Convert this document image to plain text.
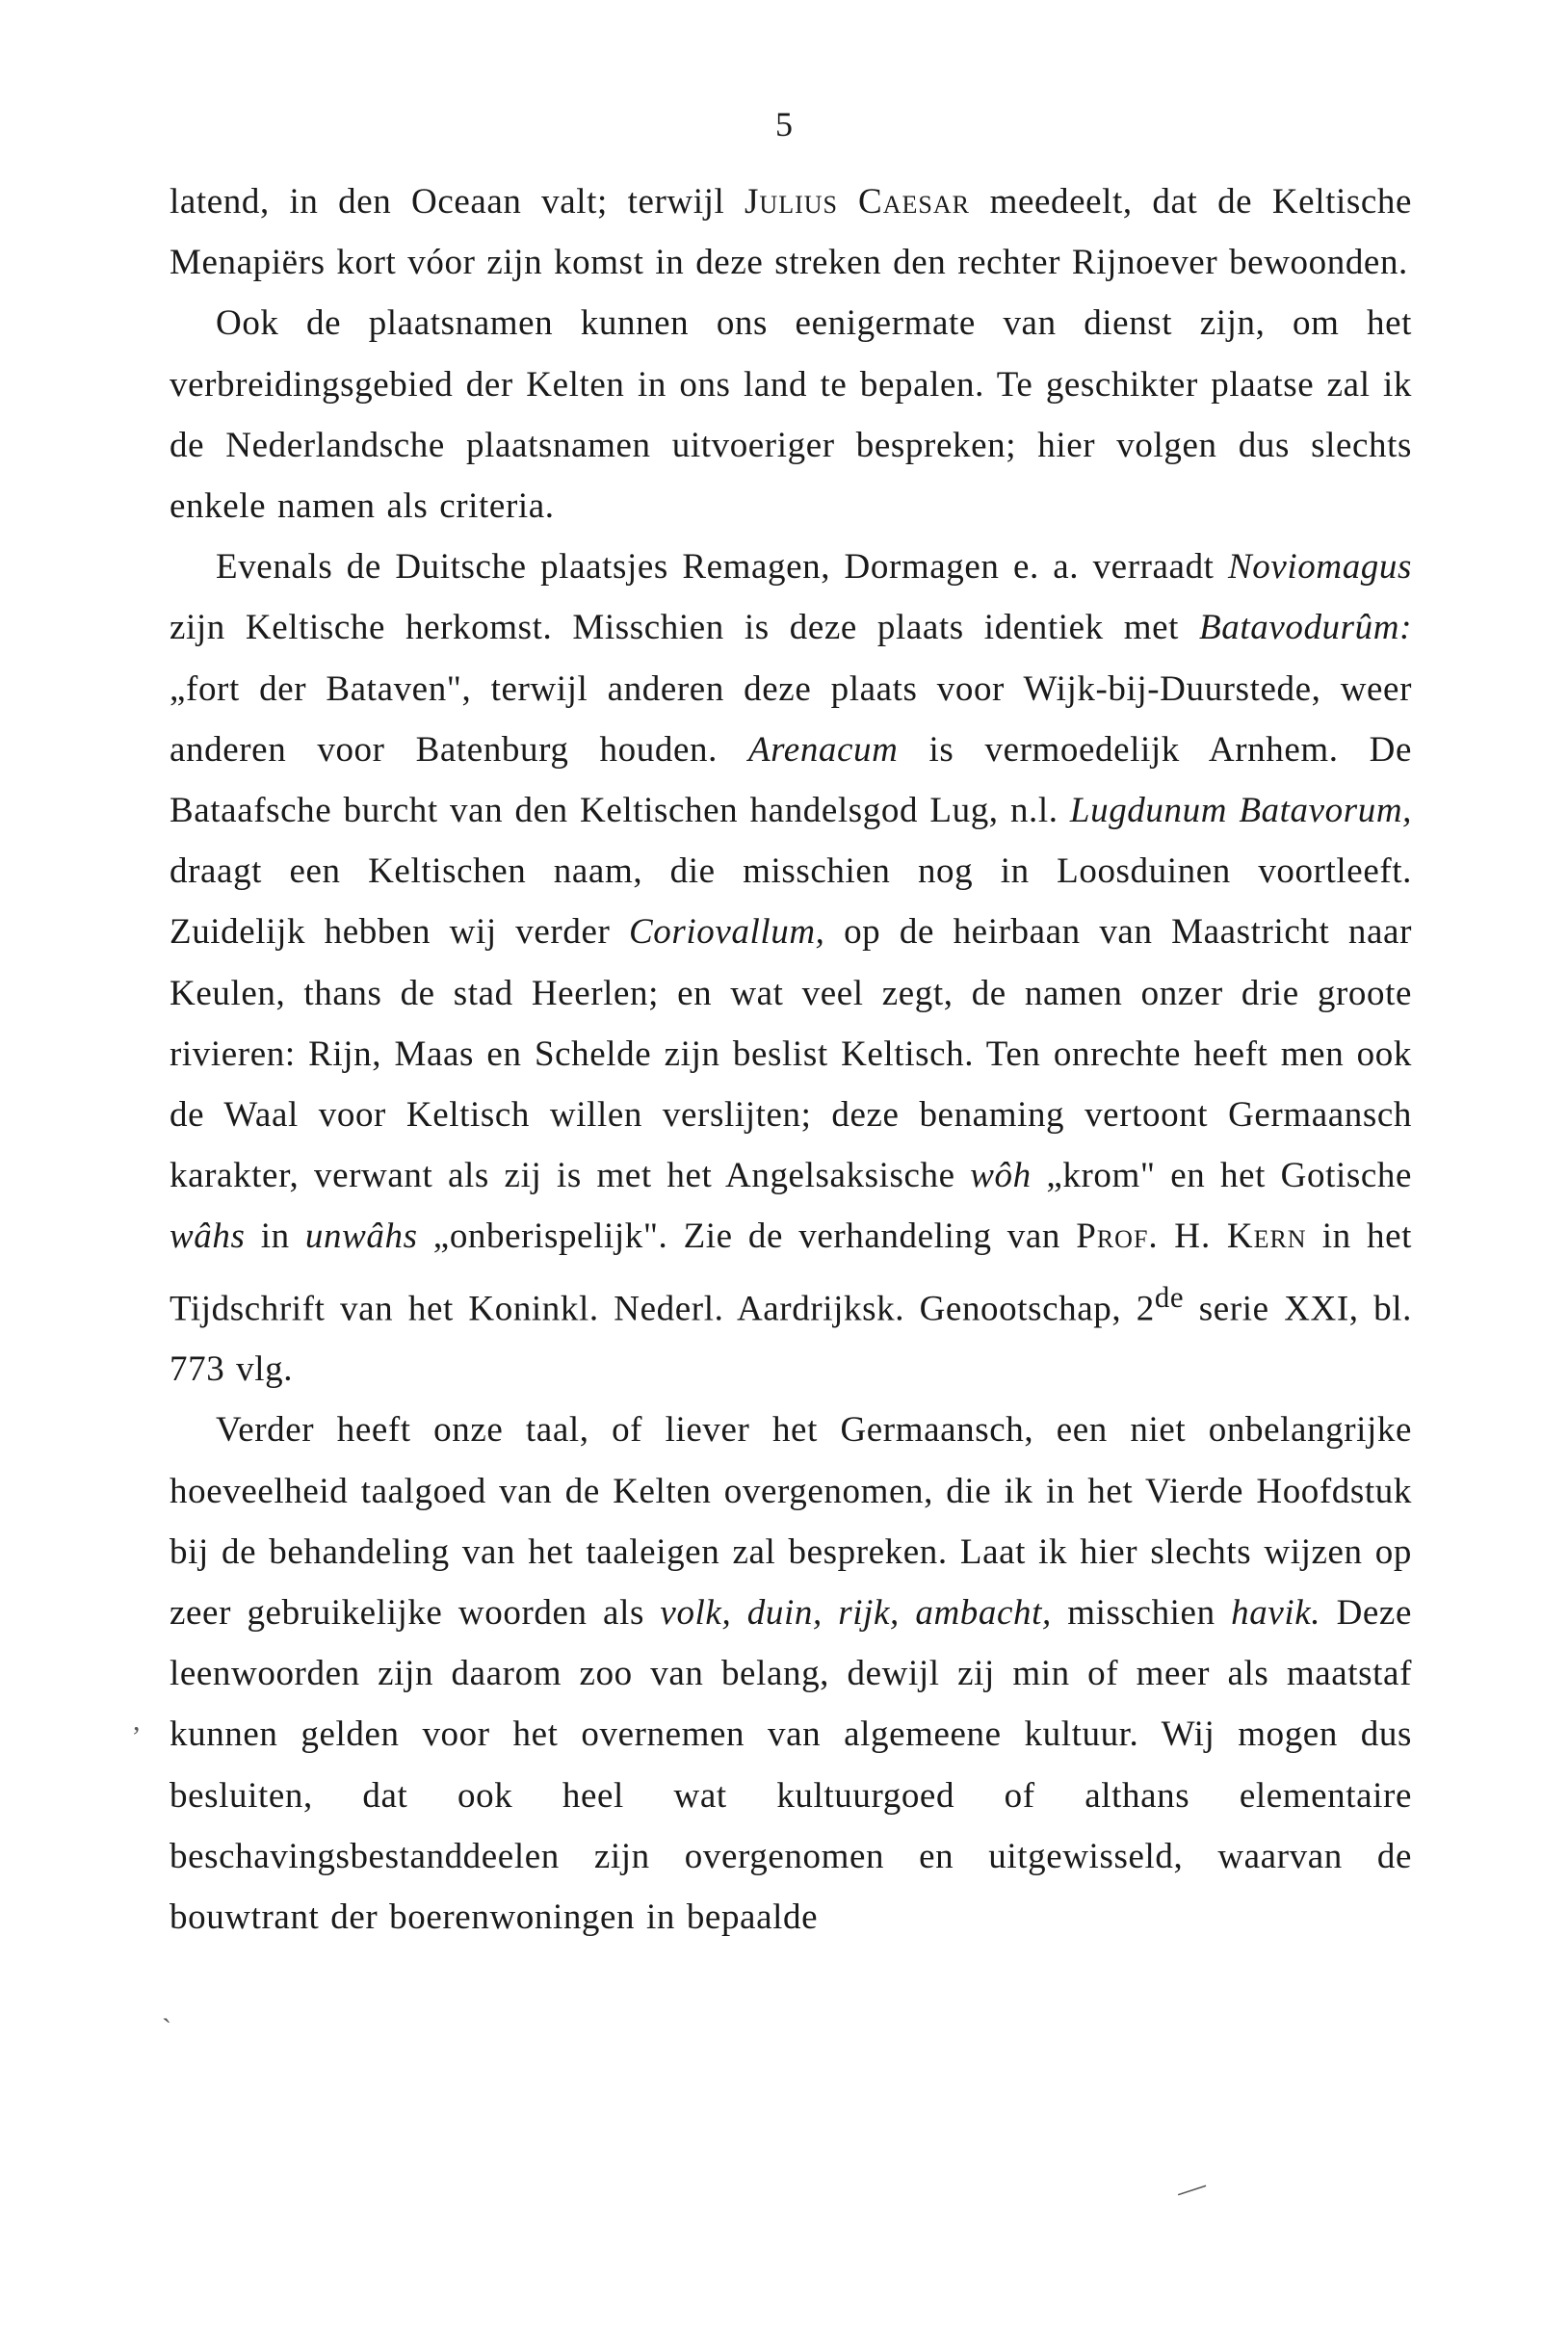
5

latend, in den Oceaan valt; terwijl Julius Caesar meedeelt, dat de Keltische Menapiërs kort vóor zijn komst in deze streken den rechter Rijnoever bewoonden.

Ook de plaatsnamen kunnen ons eenigermate van dienst zijn, om het verbreidingsgebied der Kelten in ons land te bepalen. Te geschikter plaatse zal ik de Nederlandsche plaatsnamen uitvoeriger bespreken; hier volgen dus slechts enkele namen als criteria.

Evenals de Duitsche plaatsjes Remagen, Dormagen e. a. verraadt Noviomagus zijn Keltische herkomst. Misschien is deze plaats identiek met Batavodurûm: „fort der Bataven", terwijl anderen deze plaats voor Wijk-bij-Duurstede, weer anderen voor Batenburg houden. Arenacum is vermoedelijk Arnhem. De Bataafsche burcht van den Keltischen handelsgod Lug, n.l. Lugdunum Batavorum, draagt een Keltischen naam, die misschien nog in Loosduinen voortleeft. Zuidelijk hebben wij verder Coriovallum, op de heirbaan van Maastricht naar Keulen, thans de stad Heerlen; en wat veel zegt, de namen onzer drie groote rivieren: Rijn, Maas en Schelde zijn beslist Keltisch. Ten onrechte heeft men ook de Waal voor Keltisch willen verslijten; deze benaming vertoont Germaansch karakter, verwant als zij is met het Angelsaksische wôh „krom" en het Gotische wâhs in unwâhs „onberispelijk". Zie de verhandeling van Prof. H. Kern in het Tijdschrift van het Koninkl. Nederl. Aardrijksk. Genootschap, 2de serie XXI, bl. 773 vlg.

Verder heeft onze taal, of liever het Germaansch, een niet onbelangrijke hoeveelheid taalgoed van de Kelten overgenomen, die ik in het Vierde Hoofdstuk bij de behandeling van het taaleigen zal bespreken. Laat ik hier slechts wijzen op zeer gebruikelijke woorden als volk, duin, rijk, ambacht, misschien havik. Deze leenwoorden zijn daarom zoo van belang, dewijl zij min of meer als maatstaf kunnen gelden voor het overnemen van algemeene kultuur. Wij mogen dus besluiten, dat ook heel wat kultuurgoed of althans elementaire beschavingsbestanddeelen zijn overgenomen en uitgewisseld, waarvan de bouwtrant der boerenwoningen in bepaalde

,
`
—
